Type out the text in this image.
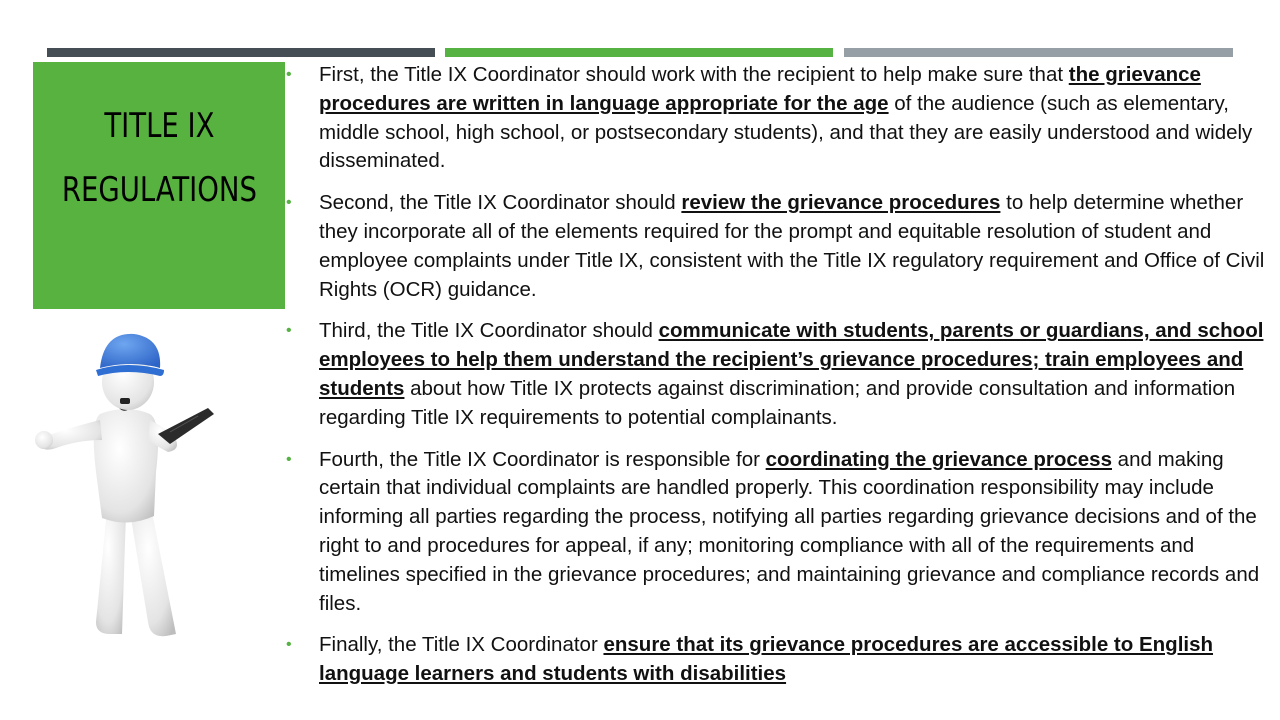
TITLE IX
REGULATIONS
• First, the Title IX Coordinator should work with the recipient to help make sure that the grievance procedures are written in language appropriate for the age of the audience (such as elementary, middle school, high school, or postsecondary students), and that they are easily understood and widely disseminated.
• Second, the Title IX Coordinator should review the grievance procedures to help determine whether they incorporate all of the elements required for the prompt and equitable resolution of student and employee complaints under Title IX, consistent with the Title IX regulatory requirement and Office of Civil Rights (OCR) guidance.
• Third, the Title IX Coordinator should communicate with students, parents or guardians, and school employees to help them understand the recipient’s grievance procedures; train employees and students about how Title IX protects against discrimination; and provide consultation and information regarding Title IX requirements to potential complainants.
• Fourth, the Title IX Coordinator is responsible for coordinating the grievance process and making certain that individual complaints are handled properly. This coordination responsibility may include informing all parties regarding the process, notifying all parties regarding grievance decisions and of the right to and procedures for appeal, if any; monitoring compliance with all of the requirements and timelines specified in the grievance procedures; and maintaining grievance and compliance records and files.
• Finally, the Title IX Coordinator ensure that its grievance procedures are accessible to English language learners and students with disabilities
